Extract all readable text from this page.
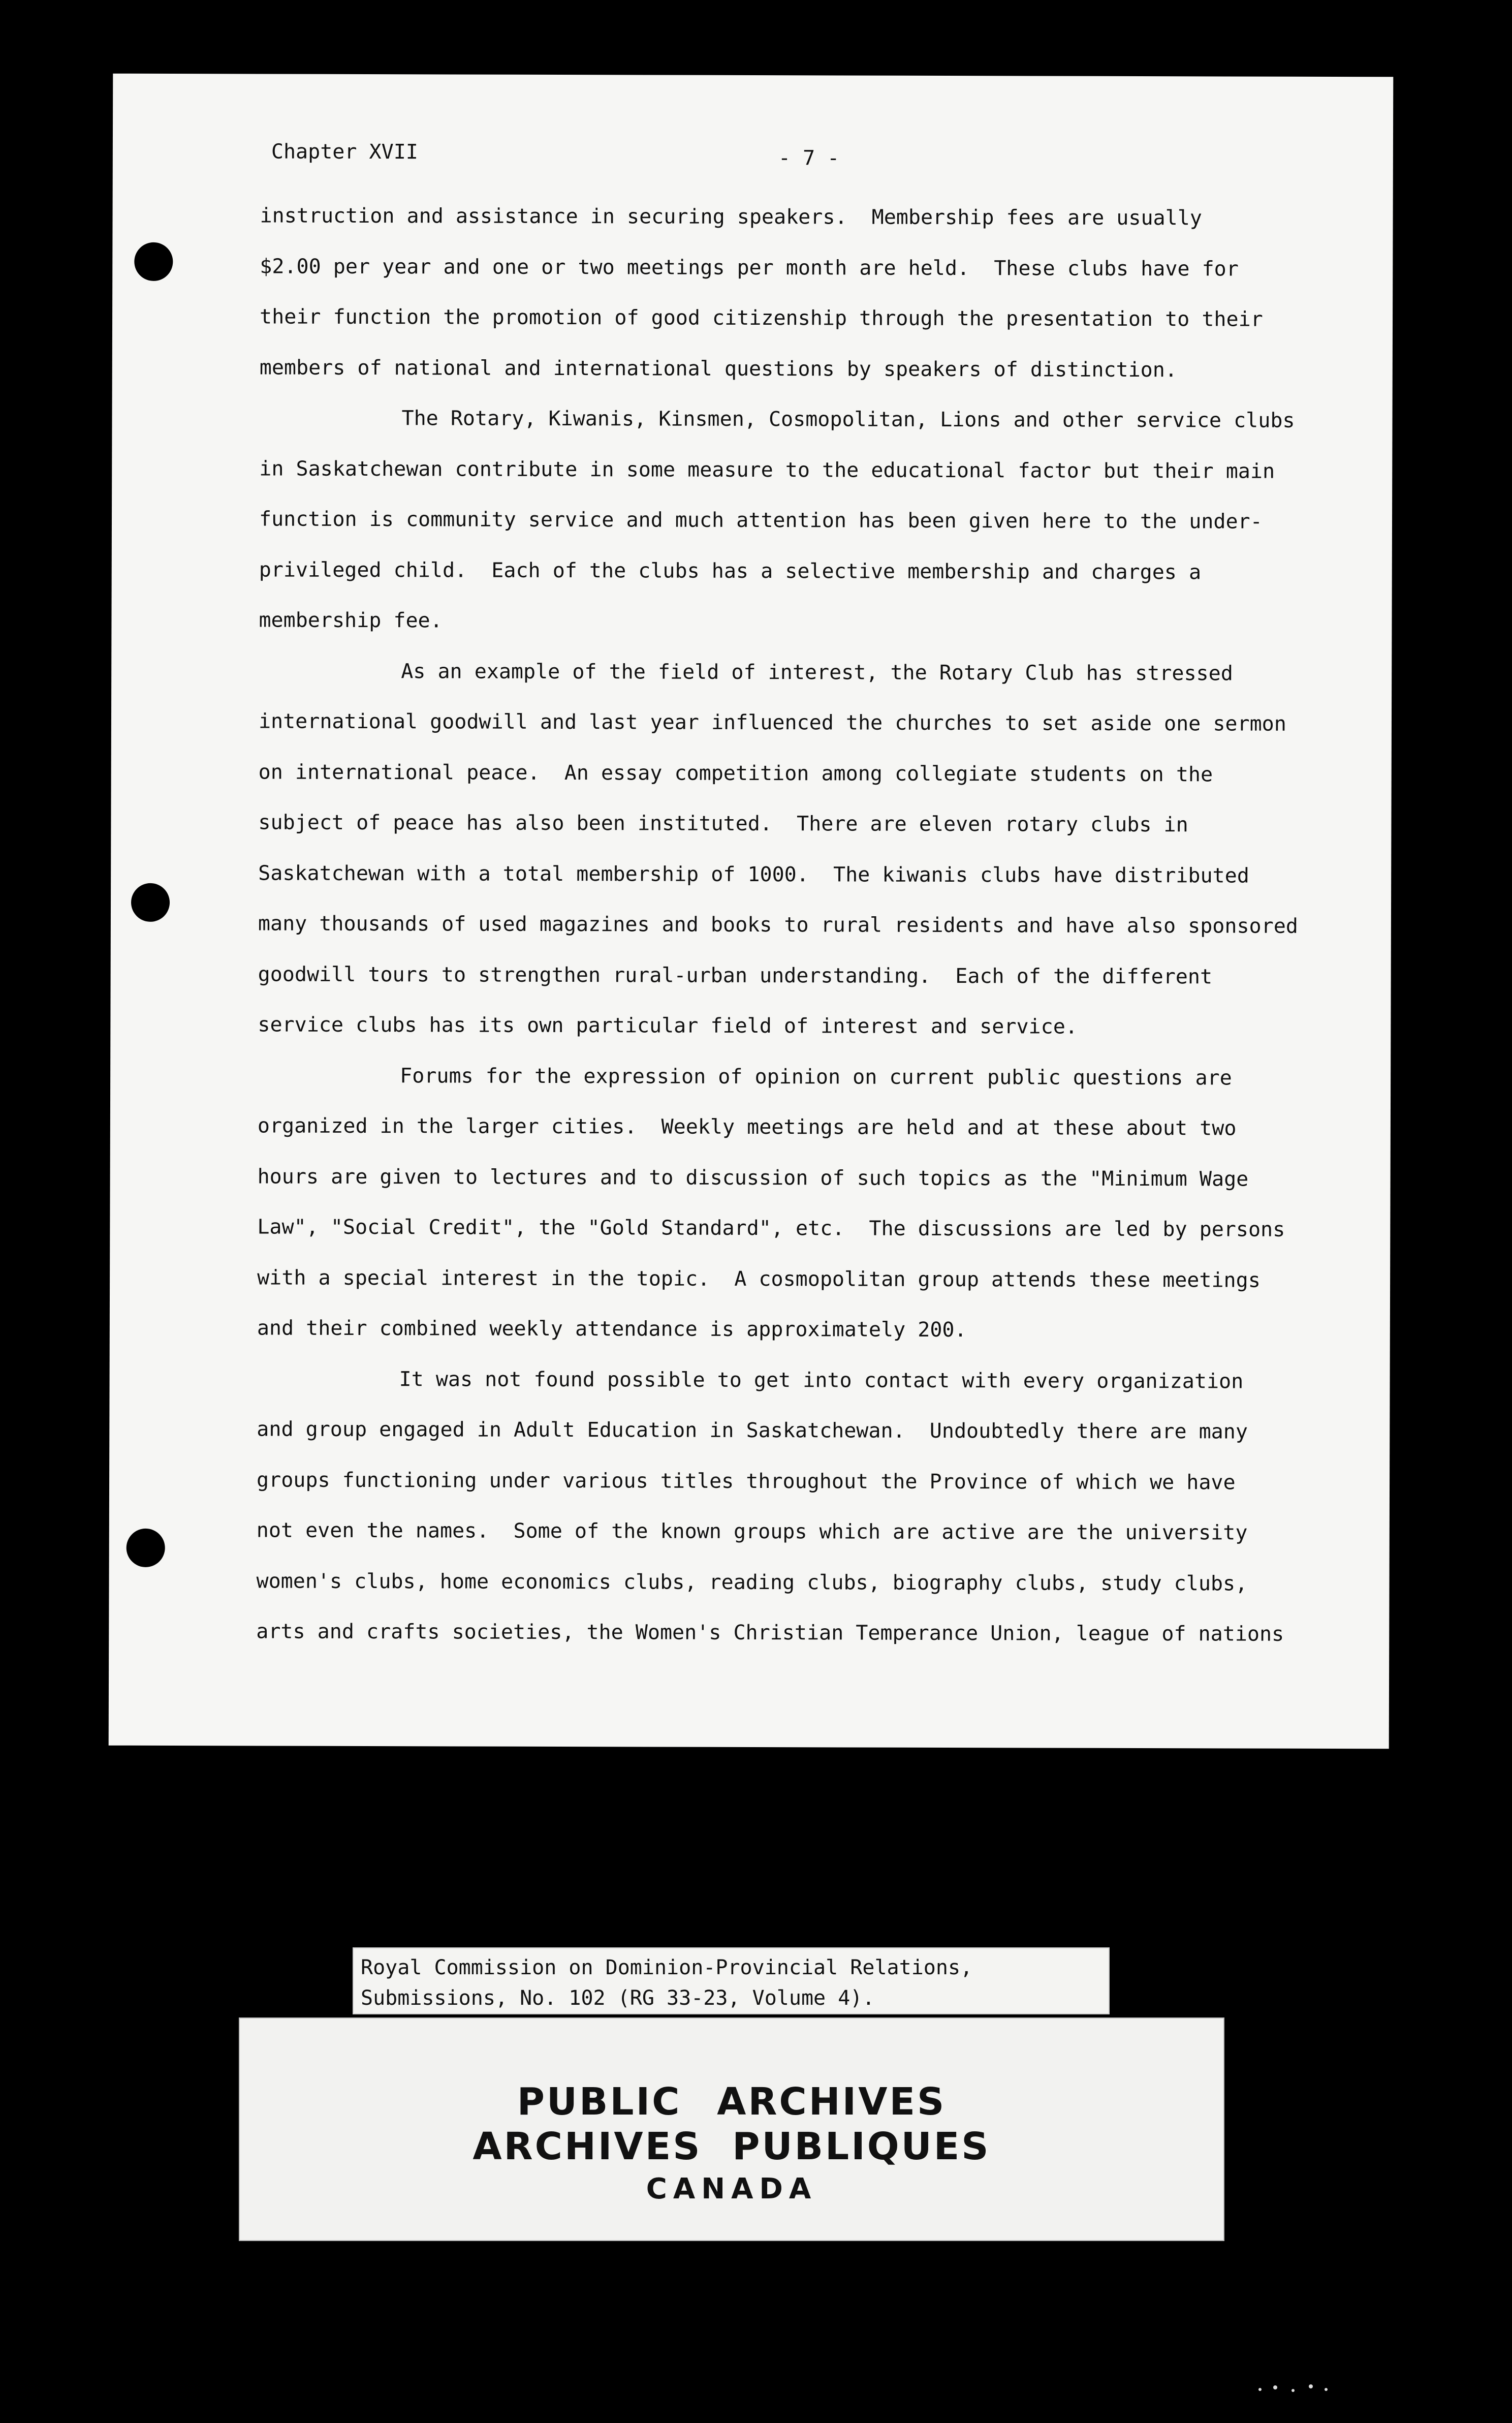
Chapter XVII	- 7 -
instruction and assistance in securing speakers.  Membership fees are usually
$2.00 per year and one or two meetings per month are held.  These clubs have for
their function the promotion of good citizenship through the presentation to their
members of national and international questions by speakers of distinction.
The Rotary, Kiwanis, Kinsmen, Cosmopolitan, Lions and other service clubs
in Saskatchewan contribute in some measure to the educational factor but their main
function is community service and much attention has been given here to the under-
privileged child.  Each of the clubs has a selective membership and charges a
membership fee.
As an example of the field of interest, the Rotary Club has stressed
international goodwill and last year influenced the churches to set aside one sermon
on international peace.  An essay competition among collegiate students on the
subject of peace has also been instituted.  There are eleven rotary clubs in
Saskatchewan with a total membership of 1000.  The kiwanis clubs have distributed
many thousands of used magazines and books to rural residents and have also sponsored
goodwill tours to strengthen rural-urban understanding.  Each of the different
service clubs has its own particular field of interest and service.
Forums for the expression of opinion on current public questions are
organized in the larger cities.  Weekly meetings are held and at these about two
hours are given to lectures and to discussion of such topics as the "Minimum Wage
Law", "Social Credit", the "Gold Standard", etc.  The discussions are led by persons
with a special interest in the topic.  A cosmopolitan group attends these meetings
and their combined weekly attendance is approximately 200.
It was not found possible to get into contact with every organization
and group engaged in Adult Education in Saskatchewan.  Undoubtedly there are many
groups functioning under various titles throughout the Province of which we have
not even the names.  Some of the known groups which are active are the university
women's clubs, home economics clubs, reading clubs, biography clubs, study clubs,
arts and crafts societies, the Women's Christian Temperance Union, league of nations
Royal Commission on Dominion-Provincial Relations,
Submissions, No. 102 (RG 33-23, Volume 4).
PUBLIC ARCHIVES
ARCHIVES PUBLIQUES
CANADA
